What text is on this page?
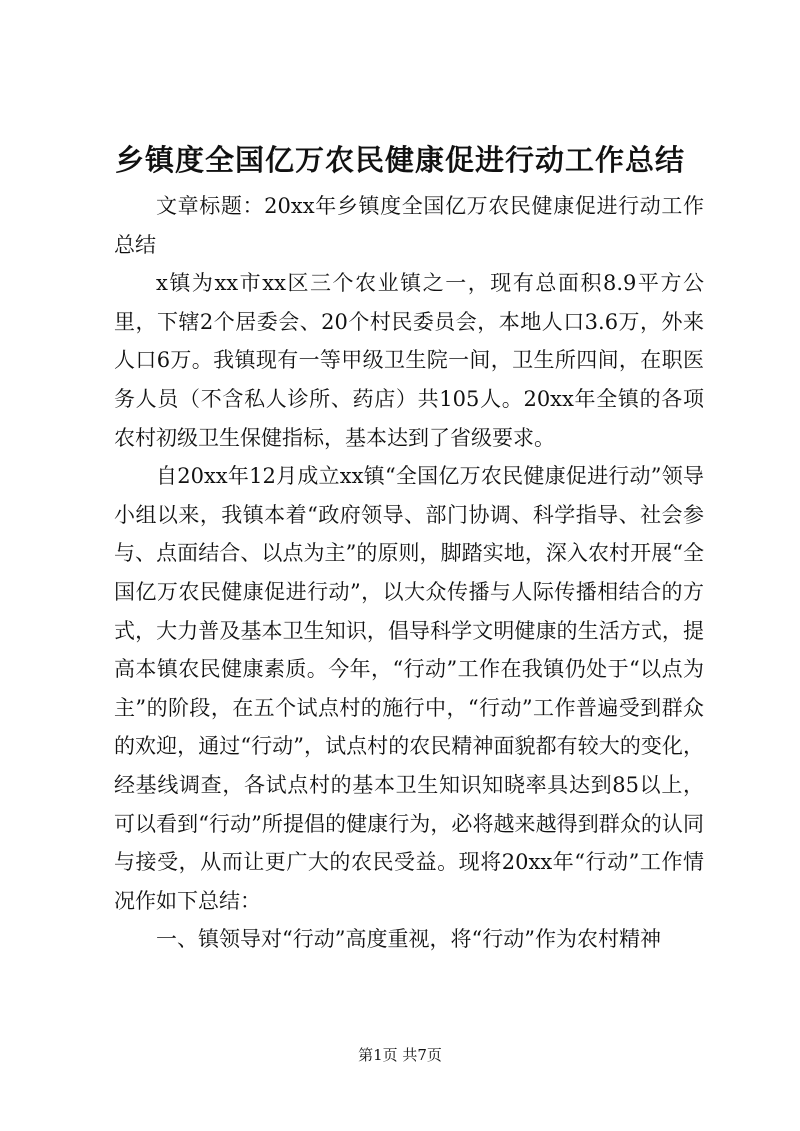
乡镇度全国亿万农民健康促进行动工作总结

文章标题：20xx年乡镇度全国亿万农民健康促进行动工作总结

x镇为xx市xx区三个农业镇之一，现有总面积8.9平方公里，下辖2个居委会、20个村民委员会，本地人口3.6万，外来人口6万。我镇现有一等甲级卫生院一间，卫生所四间，在职医务人员（不含私人诊所、药店）共105人。20xx年全镇的各项农村初级卫生保健指标，基本达到了省级要求。

自20xx年12月成立xx镇“全国亿万农民健康促进行动”领导小组以来，我镇本着“政府领导、部门协调、科学指导、社会参与、点面结合、以点为主”的原则，脚踏实地，深入农村开展“全国亿万农民健康促进行动”，以大众传播与人际传播相结合的方式，大力普及基本卫生知识，倡导科学文明健康的生活方式，提高本镇农民健康素质。今年，“行动”工作在我镇仍处于“以点为主”的阶段，在五个试点村的施行中，“行动”工作普遍受到群众的欢迎，通过“行动”，试点村的农民精神面貌都有较大的变化，经基线调查，各试点村的基本卫生知识知晓率具达到85以上，可以看到“行动”所提倡的健康行为，必将越来越得到群众的认同与接受，从而让更广大的农民受益。现将20xx年“行动”工作情况作如下总结：

一、镇领导对“行动”高度重视，将“行动”作为农村精神

第1页 共7页
